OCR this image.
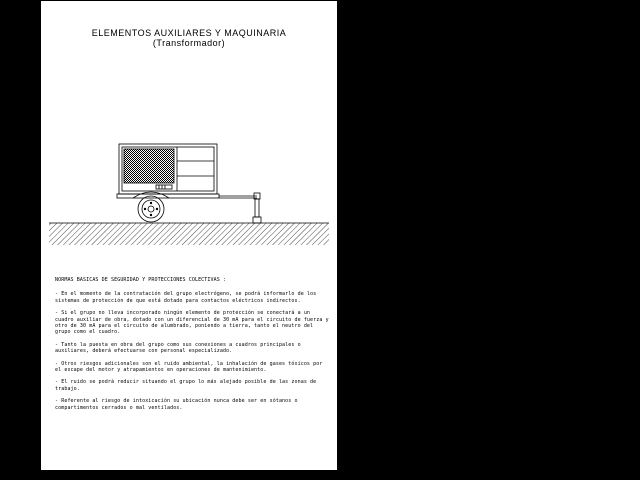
ELEMENTOS AUXILIARES Y MAQUINARIA
(Transformador)
NORMAS BASICAS DE SEGURIDAD Y PROTECCIONES COLECTIVAS :
- En el momento de la contratación del grupo electrógeno, se podrá informarlo de los sistemas de protección de que está dotado para contactos eléctricos indirectos.
- Si el grupo no lleva incorporado ningún elemento de protección se conectará a un cuadro auxiliar de obra, dotado con un diferencial de 30 mA para el circuito de fuerza y otro de 30 mA para el circuito de alumbrado, poniendo a tierra, tanto el neutro del grupo como el cuadro.
- Tanto la puesta en obra del grupo como sus conexiones a cuadros principales o auxiliares, deberá efectuarse con personal especializado.
- Otros riesgos adicionales son el ruido ambiental, la inhalación de gases tóxicos por el escape del motor y atrapamientos en operaciones de mantenimiento.
- El ruido se podrá reducir situando el grupo lo más alejado posible de las zonas de trabajo.
- Referente al riesgo de intoxicación su ubicación nunca debe ser en sótanos o compartimentos cerrados o mal ventilados.
